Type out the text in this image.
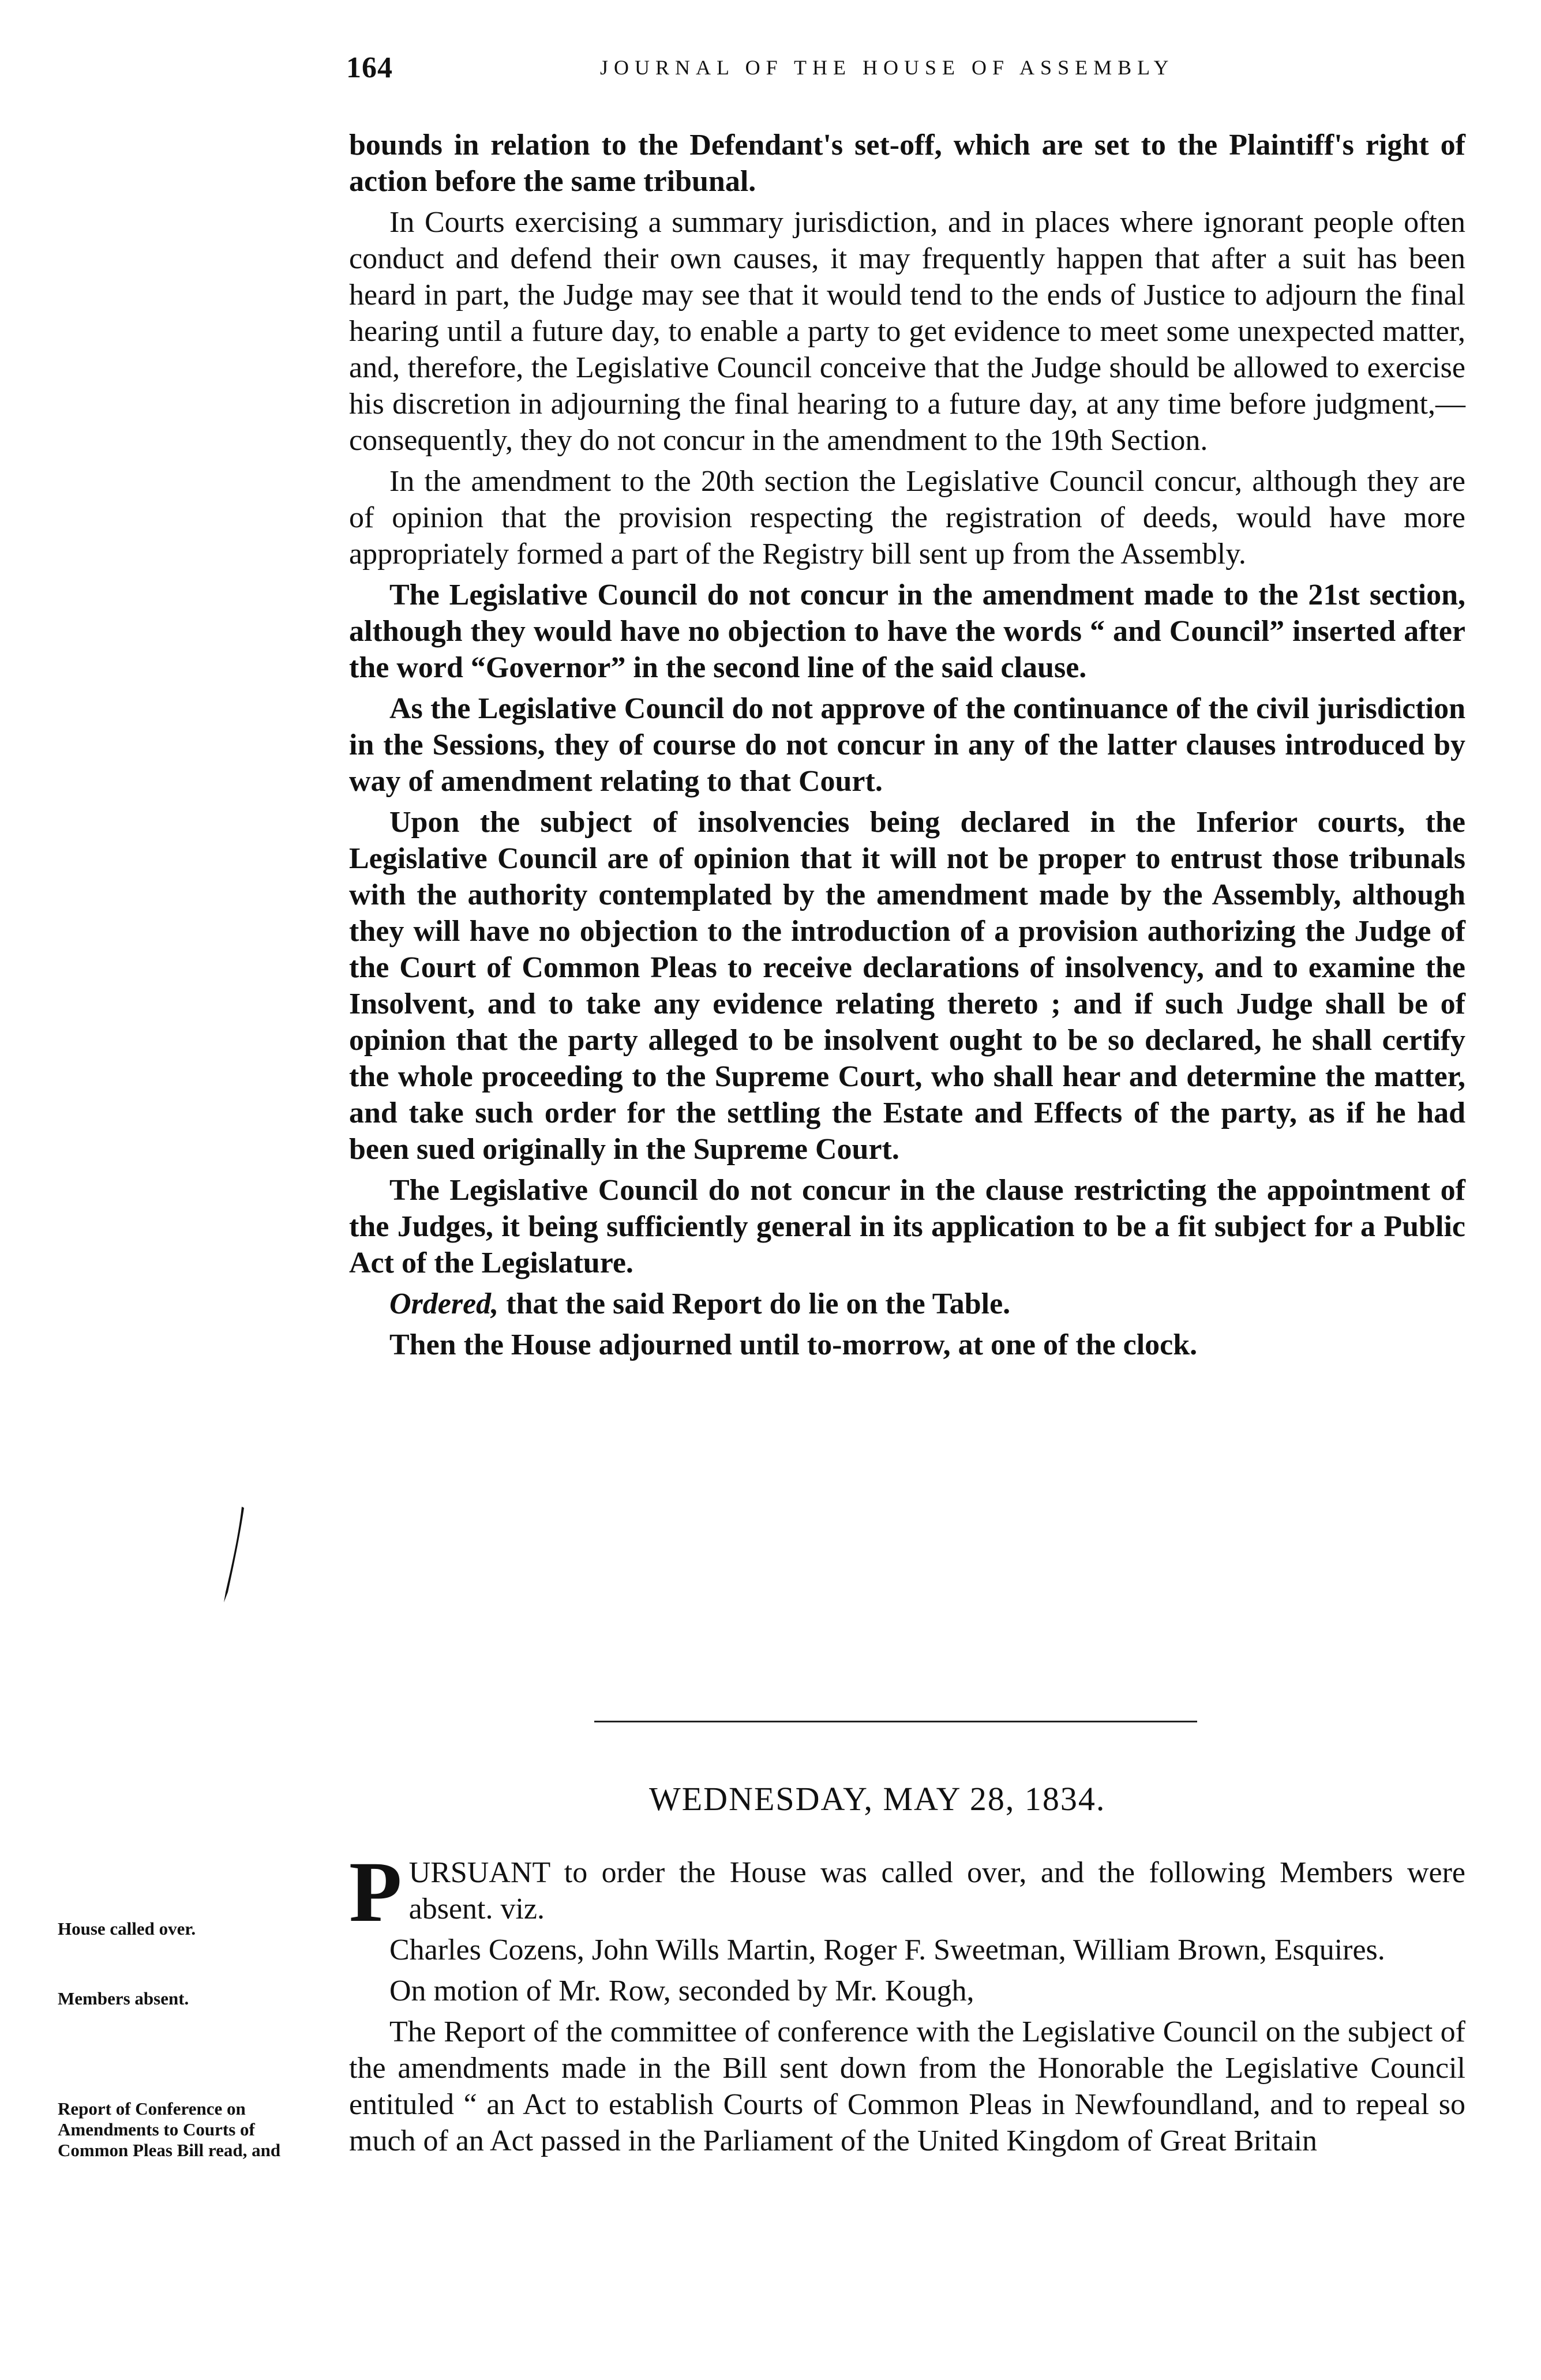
164	JOURNAL OF THE HOUSE OF ASSEMBLY

bounds in relation to the Defendant's set-off, which are set to the Plaintiff's right of action before the same tribunal.

In Courts exercising a summary jurisdiction, and in places where ignorant people often conduct and defend their own causes, it may frequently happen that after a suit has been heard in part, the Judge may see that it would tend to the ends of Justice to adjourn the final hearing until a future day, to enable a party to get evidence to meet some unexpected matter, and, therefore, the Legislative Council conceive that the Judge should be allowed to exercise his discretion in adjourning the final hearing to a future day, at any time before judgment,—consequently, they do not concur in the amendment to the 19th Section.

In the amendment to the 20th section the Legislative Council concur, although they are of opinion that the provision respecting the registration of deeds, would have more appropriately formed a part of the Registry bill sent up from the Assembly.

The Legislative Council do not concur in the amendment made to the 21st section, although they would have no objection to have the words “ and Council” inserted after the word “Governor” in the second line of the said clause.

As the Legislative Council do not approve of the continuance of the civil jurisdiction in the Sessions, they of course do not concur in any of the latter clauses introduced by way of amendment relating to that Court.

Upon the subject of insolvencies being declared in the Inferior courts, the Legislative Council are of opinion that it will not be proper to entrust those tribunals with the authority contemplated by the amendment made by the Assembly, although they will have no objection to the introduction of a provision authorizing the Judge of the Court of Common Pleas to receive declarations of insolvency, and to examine the Insolvent, and to take any evidence relating thereto ; and if such Judge shall be of opinion that the party alleged to be insolvent ought to be so declared, he shall certify the whole proceeding to the Supreme Court, who shall hear and determine the matter, and take such order for the settling the Estate and Effects of the party, as if he had been sued originally in the Supreme Court.

The Legislative Council do not concur in the clause restricting the appointment of the Judges, it being sufficiently general in its application to be a fit subject for a Public Act of the Legislature.

Ordered, that the said Report do lie on the Table.

Then the House adjourned until to-morrow, at one of the clock.

WEDNESDAY, MAY 28, 1834.
House called over.
Members absent.
Report of Conference on Amendments to Courts of Common Pleas Bill read, and

PURSUANT to order the House was called over, and the following Members were absent. viz.

Charles Cozens, John Wills Martin, Roger F. Sweetman, William Brown, Esquires.

On motion of Mr. Row, seconded by Mr. Kough,

The Report of the committee of conference with the Legislative Council on the subject of the amendments made in the Bill sent down from the Honorable the Legislative Council entituled “ an Act to establish Courts of Common Pleas in Newfoundland, and to repeal so much of an Act passed in the Parliament of the United Kingdom of Great Britain
